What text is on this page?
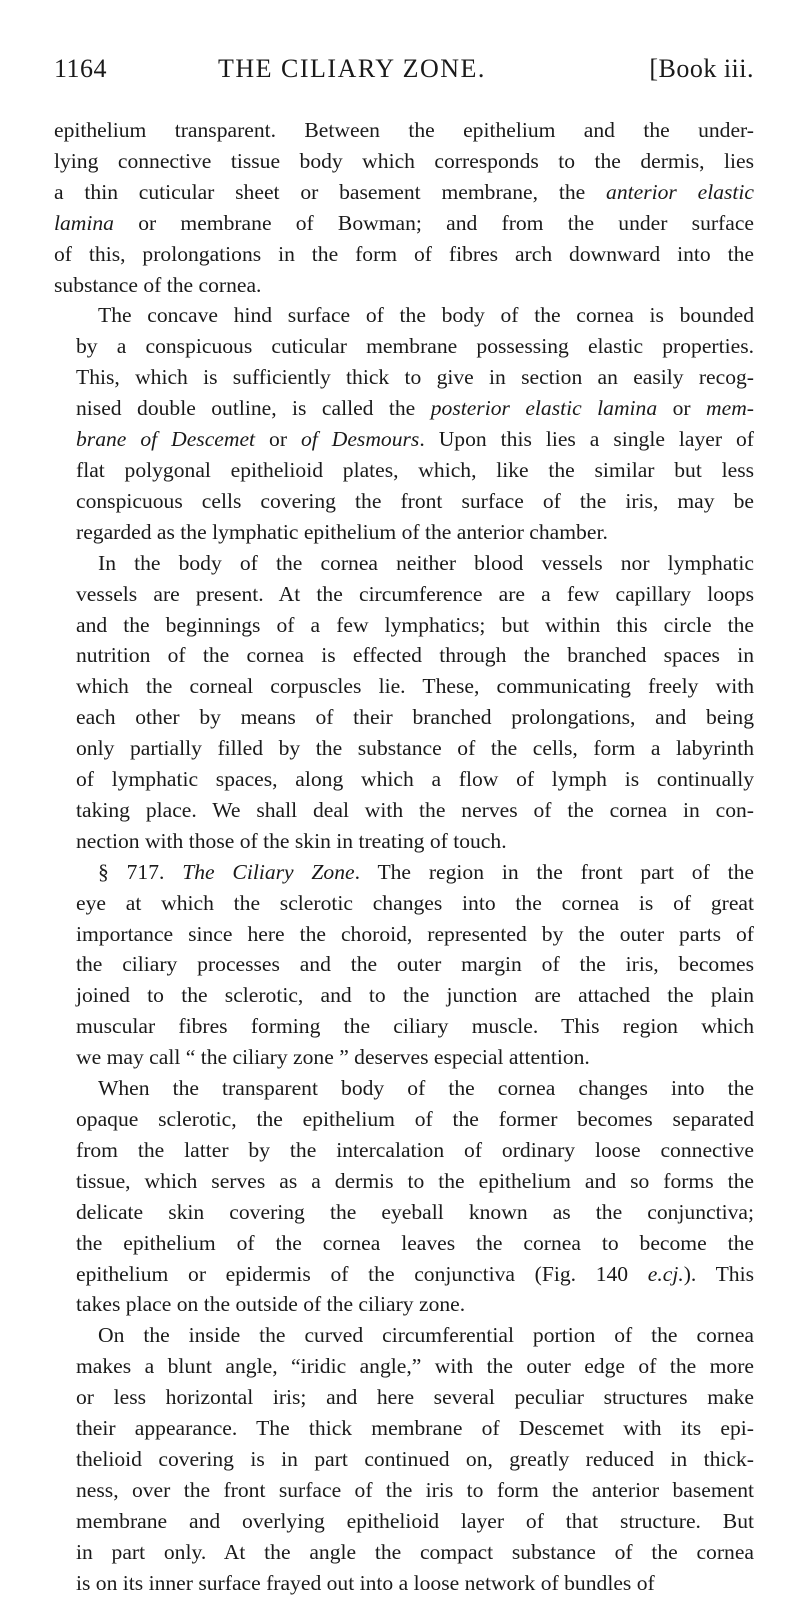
1164	THE CILIARY ZONE.	[Book iii.

epithelium transparent. Between the epithelium and the under-
lying connective tissue body which corresponds to the dermis, lies
a thin cuticular sheet or basement membrane, the anterior elastic
lamina or membrane of Bowman; and from the under surface
of this, prolongations in the form of fibres arch downward into the
substance of the cornea.

The concave hind surface of the body of the cornea is bounded
by a conspicuous cuticular membrane possessing elastic properties.
This, which is sufficiently thick to give in section an easily recog-
nised double outline, is called the posterior elastic lamina or mem-
brane of Descemet or of Desmours. Upon this lies a single layer of
flat polygonal epithelioid plates, which, like the similar but less
conspicuous cells covering the front surface of the iris, may be
regarded as the lymphatic epithelium of the anterior chamber.

In the body of the cornea neither blood vessels nor lymphatic
vessels are present. At the circumference are a few capillary loops
and the beginnings of a few lymphatics; but within this circle the
nutrition of the cornea is effected through the branched spaces in
which the corneal corpuscles lie. These, communicating freely with
each other by means of their branched prolongations, and being
only partially filled by the substance of the cells, form a labyrinth
of lymphatic spaces, along which a flow of lymph is continually
taking place. We shall deal with the nerves of the cornea in con-
nection with those of the skin in treating of touch.

§ 717. The Ciliary Zone. The region in the front part of the
eye at which the sclerotic changes into the cornea is of great
importance since here the choroid, represented by the outer parts of
the ciliary processes and the outer margin of the iris, becomes
joined to the sclerotic, and to the junction are attached the plain
muscular fibres forming the ciliary muscle. This region which
we may call “ the ciliary zone ” deserves especial attention.

When the transparent body of the cornea changes into the
opaque sclerotic, the epithelium of the former becomes separated
from the latter by the intercalation of ordinary loose connective
tissue, which serves as a dermis to the epithelium and so forms the
delicate skin covering the eyeball known as the conjunctiva;
the epithelium of the cornea leaves the cornea to become the
epithelium or epidermis of the conjunctiva (Fig. 140 e.cj.). This
takes place on the outside of the ciliary zone.

On the inside the curved circumferential portion of the cornea
makes a blunt angle, “iridic angle,” with the outer edge of the more
or less horizontal iris; and here several peculiar structures make
their appearance. The thick membrane of Descemet with its epi-
thelioid covering is in part continued on, greatly reduced in thick-
ness, over the front surface of the iris to form the anterior basement
membrane and overlying epithelioid layer of that structure. But
in part only. At the angle the compact substance of the cornea
is on its inner surface frayed out into a loose network of bundles of
